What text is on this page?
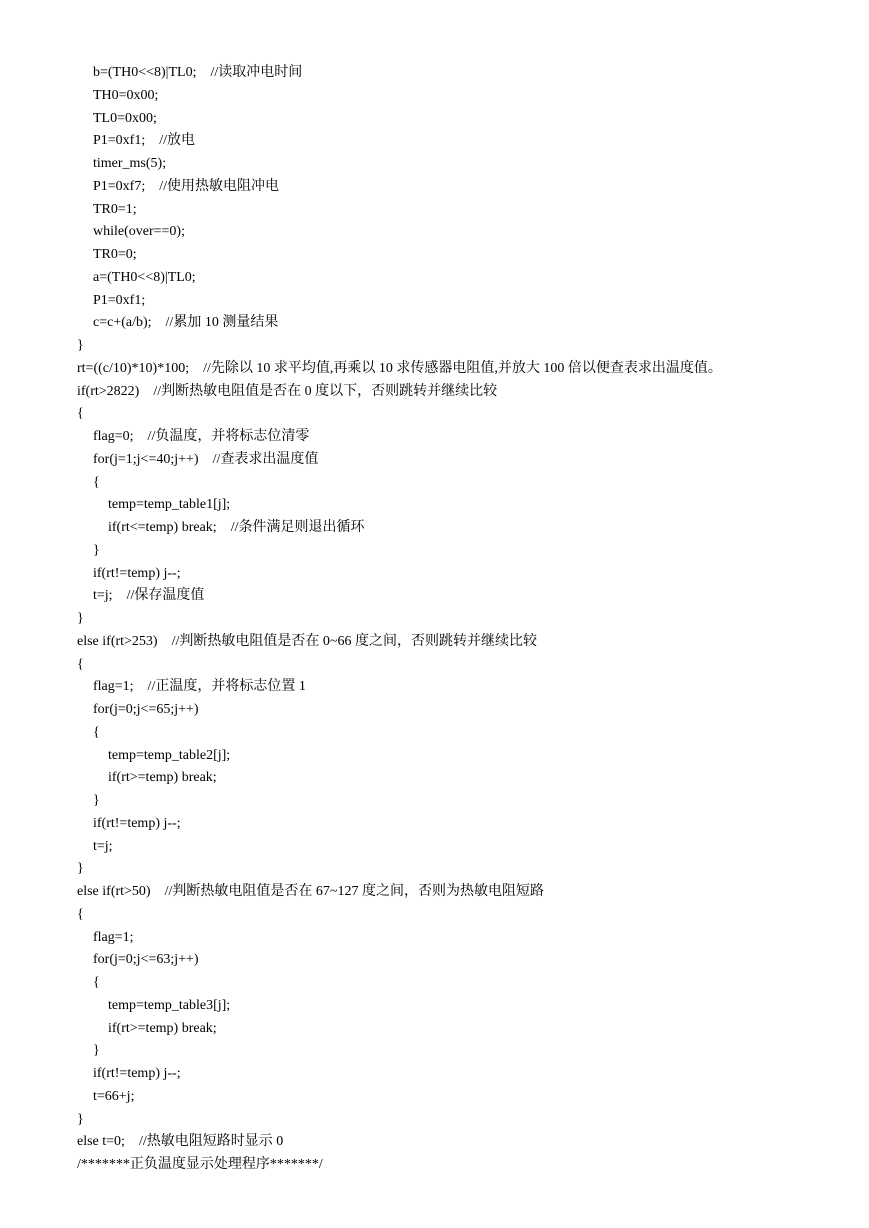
b=(TH0<<8)|TL0;    //读取冲电时间
TH0=0x00;
TL0=0x00;
P1=0xf1;    //放电
timer_ms(5);
P1=0xf7;    //使用热敏电阻冲电
TR0=1;
while(over==0);
TR0=0;
a=(TH0<<8)|TL0;
P1=0xf1;
c=c+(a/b);    //累加 10 测量结果
}
rt=((c/10)*10)*100;    //先除以 10 求平均值,再乘以 10 求传感器电阻值,并放大 100 倍以便查表求出温度值。
if(rt>2822)    //判断热敏电阻值是否在 0 度以下，否则跳转并继续比较
{
flag=0;    //负温度，并将标志位清零
for(j=1;j<=40;j++)    //查表求出温度值
{
temp=temp_table1[j];
if(rt<=temp) break;    //条件满足则退出循环
}
if(rt!=temp) j--;
t=j;    //保存温度值
}
else if(rt>253)    //判断热敏电阻值是否在 0~66 度之间，否则跳转并继续比较
{
flag=1;    //正温度，并将标志位置 1
for(j=0;j<=65;j++)
{
temp=temp_table2[j];
if(rt>=temp) break;
}
if(rt!=temp) j--;
t=j;
}
else if(rt>50)    //判断热敏电阻值是否在 67~127 度之间，否则为热敏电阻短路
{
flag=1;
for(j=0;j<=63;j++)
{
temp=temp_table3[j];
if(rt>=temp) break;
}
if(rt!=temp) j--;
t=66+j;
}
else t=0;    //热敏电阻短路时显示 0
/*******正负温度显示处理程序*******/
